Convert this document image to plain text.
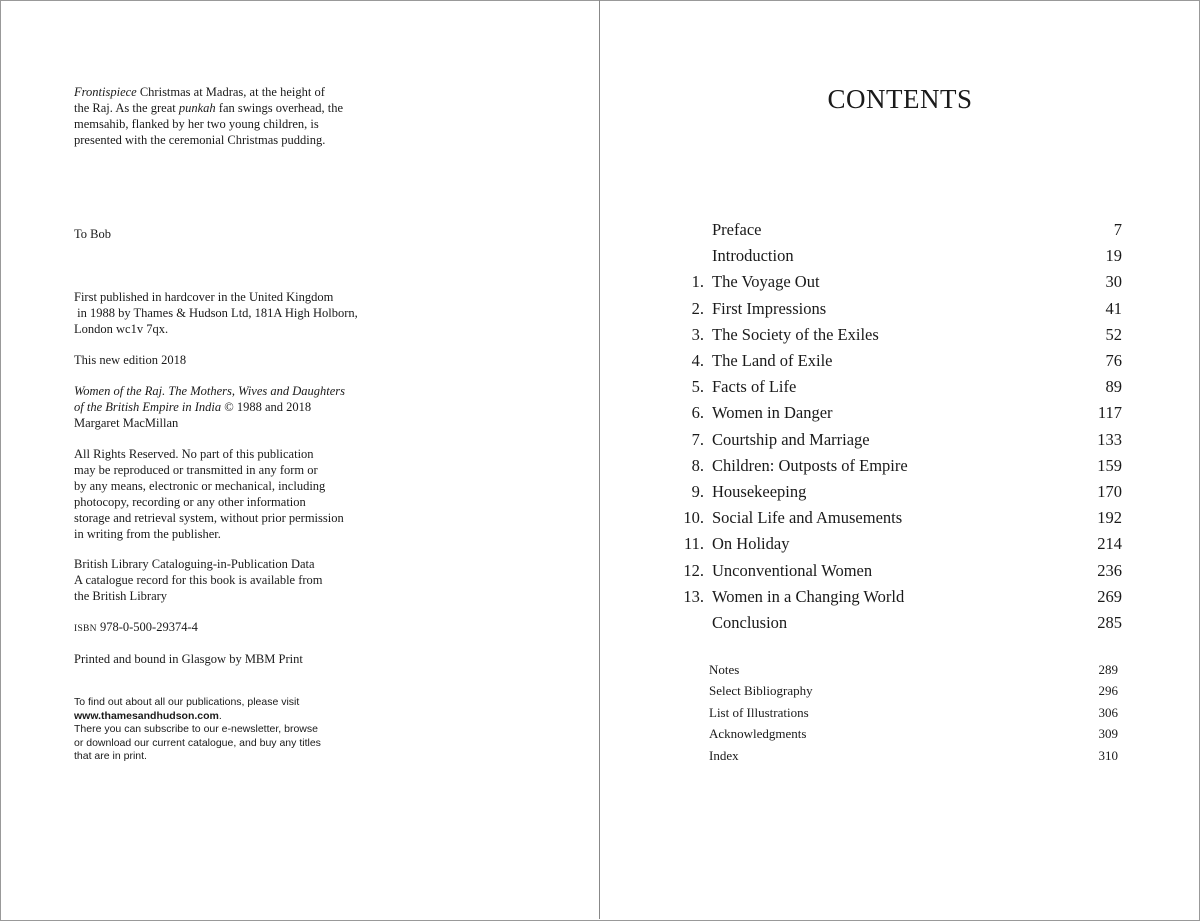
Frontispiece Christmas at Madras, at the height of
the Raj. As the great punkah fan swings overhead, the
memsahib, flanked by her two young children, is
presented with the ceremonial Christmas pudding.

To Bob

First published in hardcover in the United Kingdom
in 1988 by Thames & Hudson Ltd, 181A High Holborn,
London wc1v 7qx.

This new edition 2018

Women of the Raj. The Mothers, Wives and Daughters
of the British Empire in India © 1988 and 2018
Margaret MacMillan

All Rights Reserved. No part of this publication
may be reproduced or transmitted in any form or
by any means, electronic or mechanical, including
photocopy, recording or any other information
storage and retrieval system, without prior permission
in writing from the publisher.

British Library Cataloguing-in-Publication Data
A catalogue record for this book is available from
the British Library

ISBN 978-0-500-29374-4

Printed and bound in Glasgow by MBM Print

To find out about all our publications, please visit
www.thamesandhudson.com.
There you can subscribe to our e-newsletter, browse
or download our current catalogue, and buy any titles
that are in print.

CONTENTS
Preface	7
Introduction	19
1. The Voyage Out	30
2. First Impressions	41
3. The Society of the Exiles	52
4. The Land of Exile	76
5. Facts of Life	89
6. Women in Danger	117
7. Courtship and Marriage	133
8. Children: Outposts of Empire	159
9. Housekeeping	170
10. Social Life and Amusements	192
11. On Holiday	214
12. Unconventional Women	236
13. Women in a Changing World	269
Conclusion	285
Notes	289
Select Bibliography	296
List of Illustrations	306
Acknowledgments	309
Index	310
